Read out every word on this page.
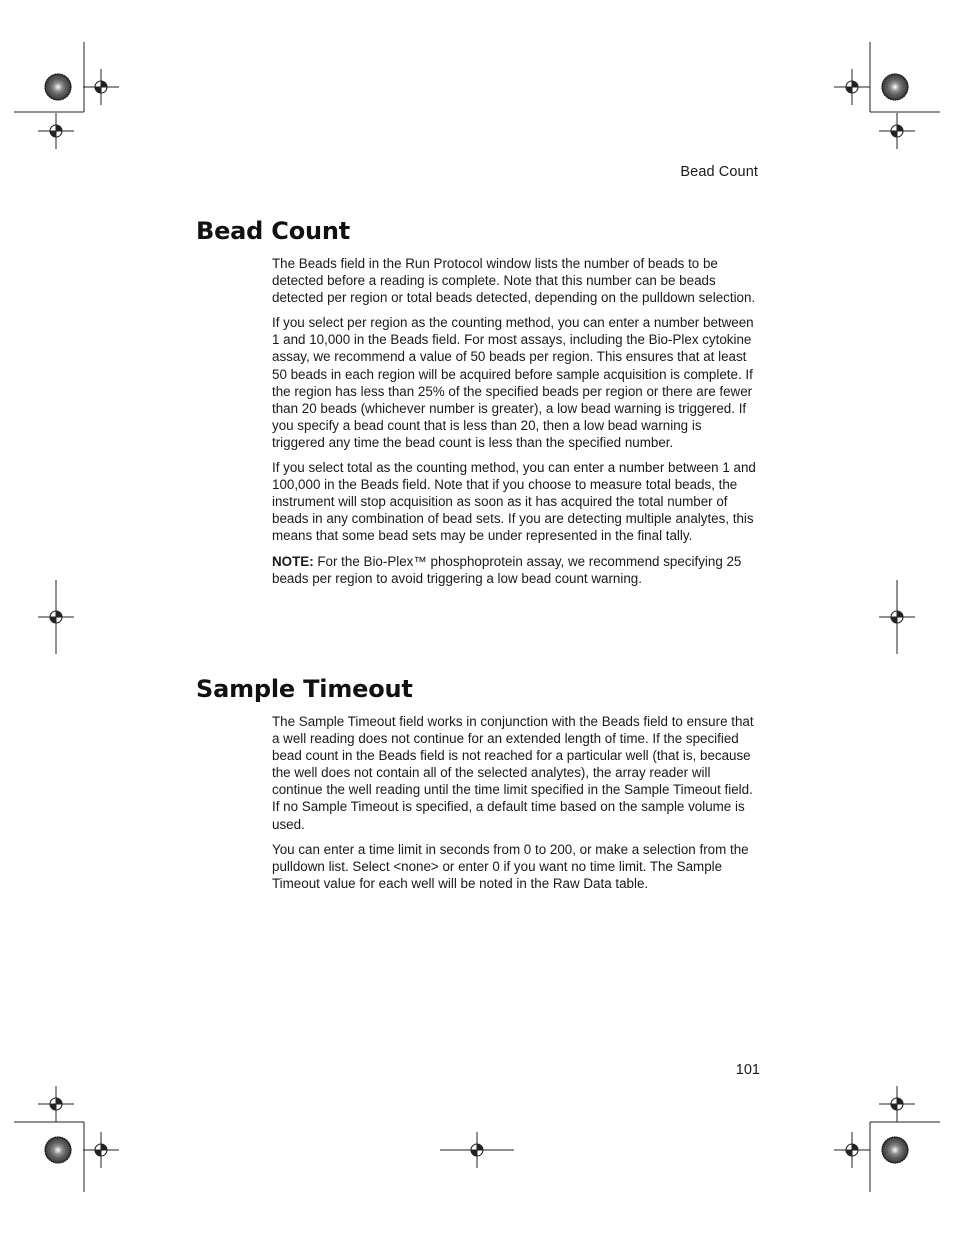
Bead Count
Bead Count

The Beads field in the Run Protocol window lists the number of beads to be detected before a reading is complete. Note that this number can be beads detected per region or total beads detected, depending on the pulldown selection.

If you select per region as the counting method, you can enter a number between 1 and 10,000 in the Beads field. For most assays, including the Bio-Plex cytokine assay, we recommend a value of 50 beads per region. This ensures that at least 50 beads in each region will be acquired before sample acquisition is complete. If the region has less than 25% of the specified beads per region or there are fewer than 20 beads (whichever number is greater), a low bead warning is triggered. If you specify a bead count that is less than 20, then a low bead warning is triggered any time the bead count is less than the specified number.

If you select total as the counting method, you can enter a number between 1 and 100,000 in the Beads field. Note that if you choose to measure total beads, the instrument will stop acquisition as soon as it has acquired the total number of beads in any combination of bead sets. If you are detecting multiple analytes, this means that some bead sets may be under represented in the final tally.

NOTE: For the Bio-Plex™ phosphoprotein assay, we recommend specifying 25 beads per region to avoid triggering a low bead count warning.

Sample Timeout

The Sample Timeout field works in conjunction with the Beads field to ensure that a well reading does not continue for an extended length of time. If the specified bead count in the Beads field is not reached for a particular well (that is, because the well does not contain all of the selected analytes), the array reader will continue the well reading until the time limit specified in the Sample Timeout field. If no Sample Timeout is specified, a default time based on the sample volume is used.

You can enter a time limit in seconds from 0 to 200, or make a selection from the pulldown list. Select <none> or enter 0 if you want no time limit. The Sample Timeout value for each well will be noted in the Raw Data table.

101
